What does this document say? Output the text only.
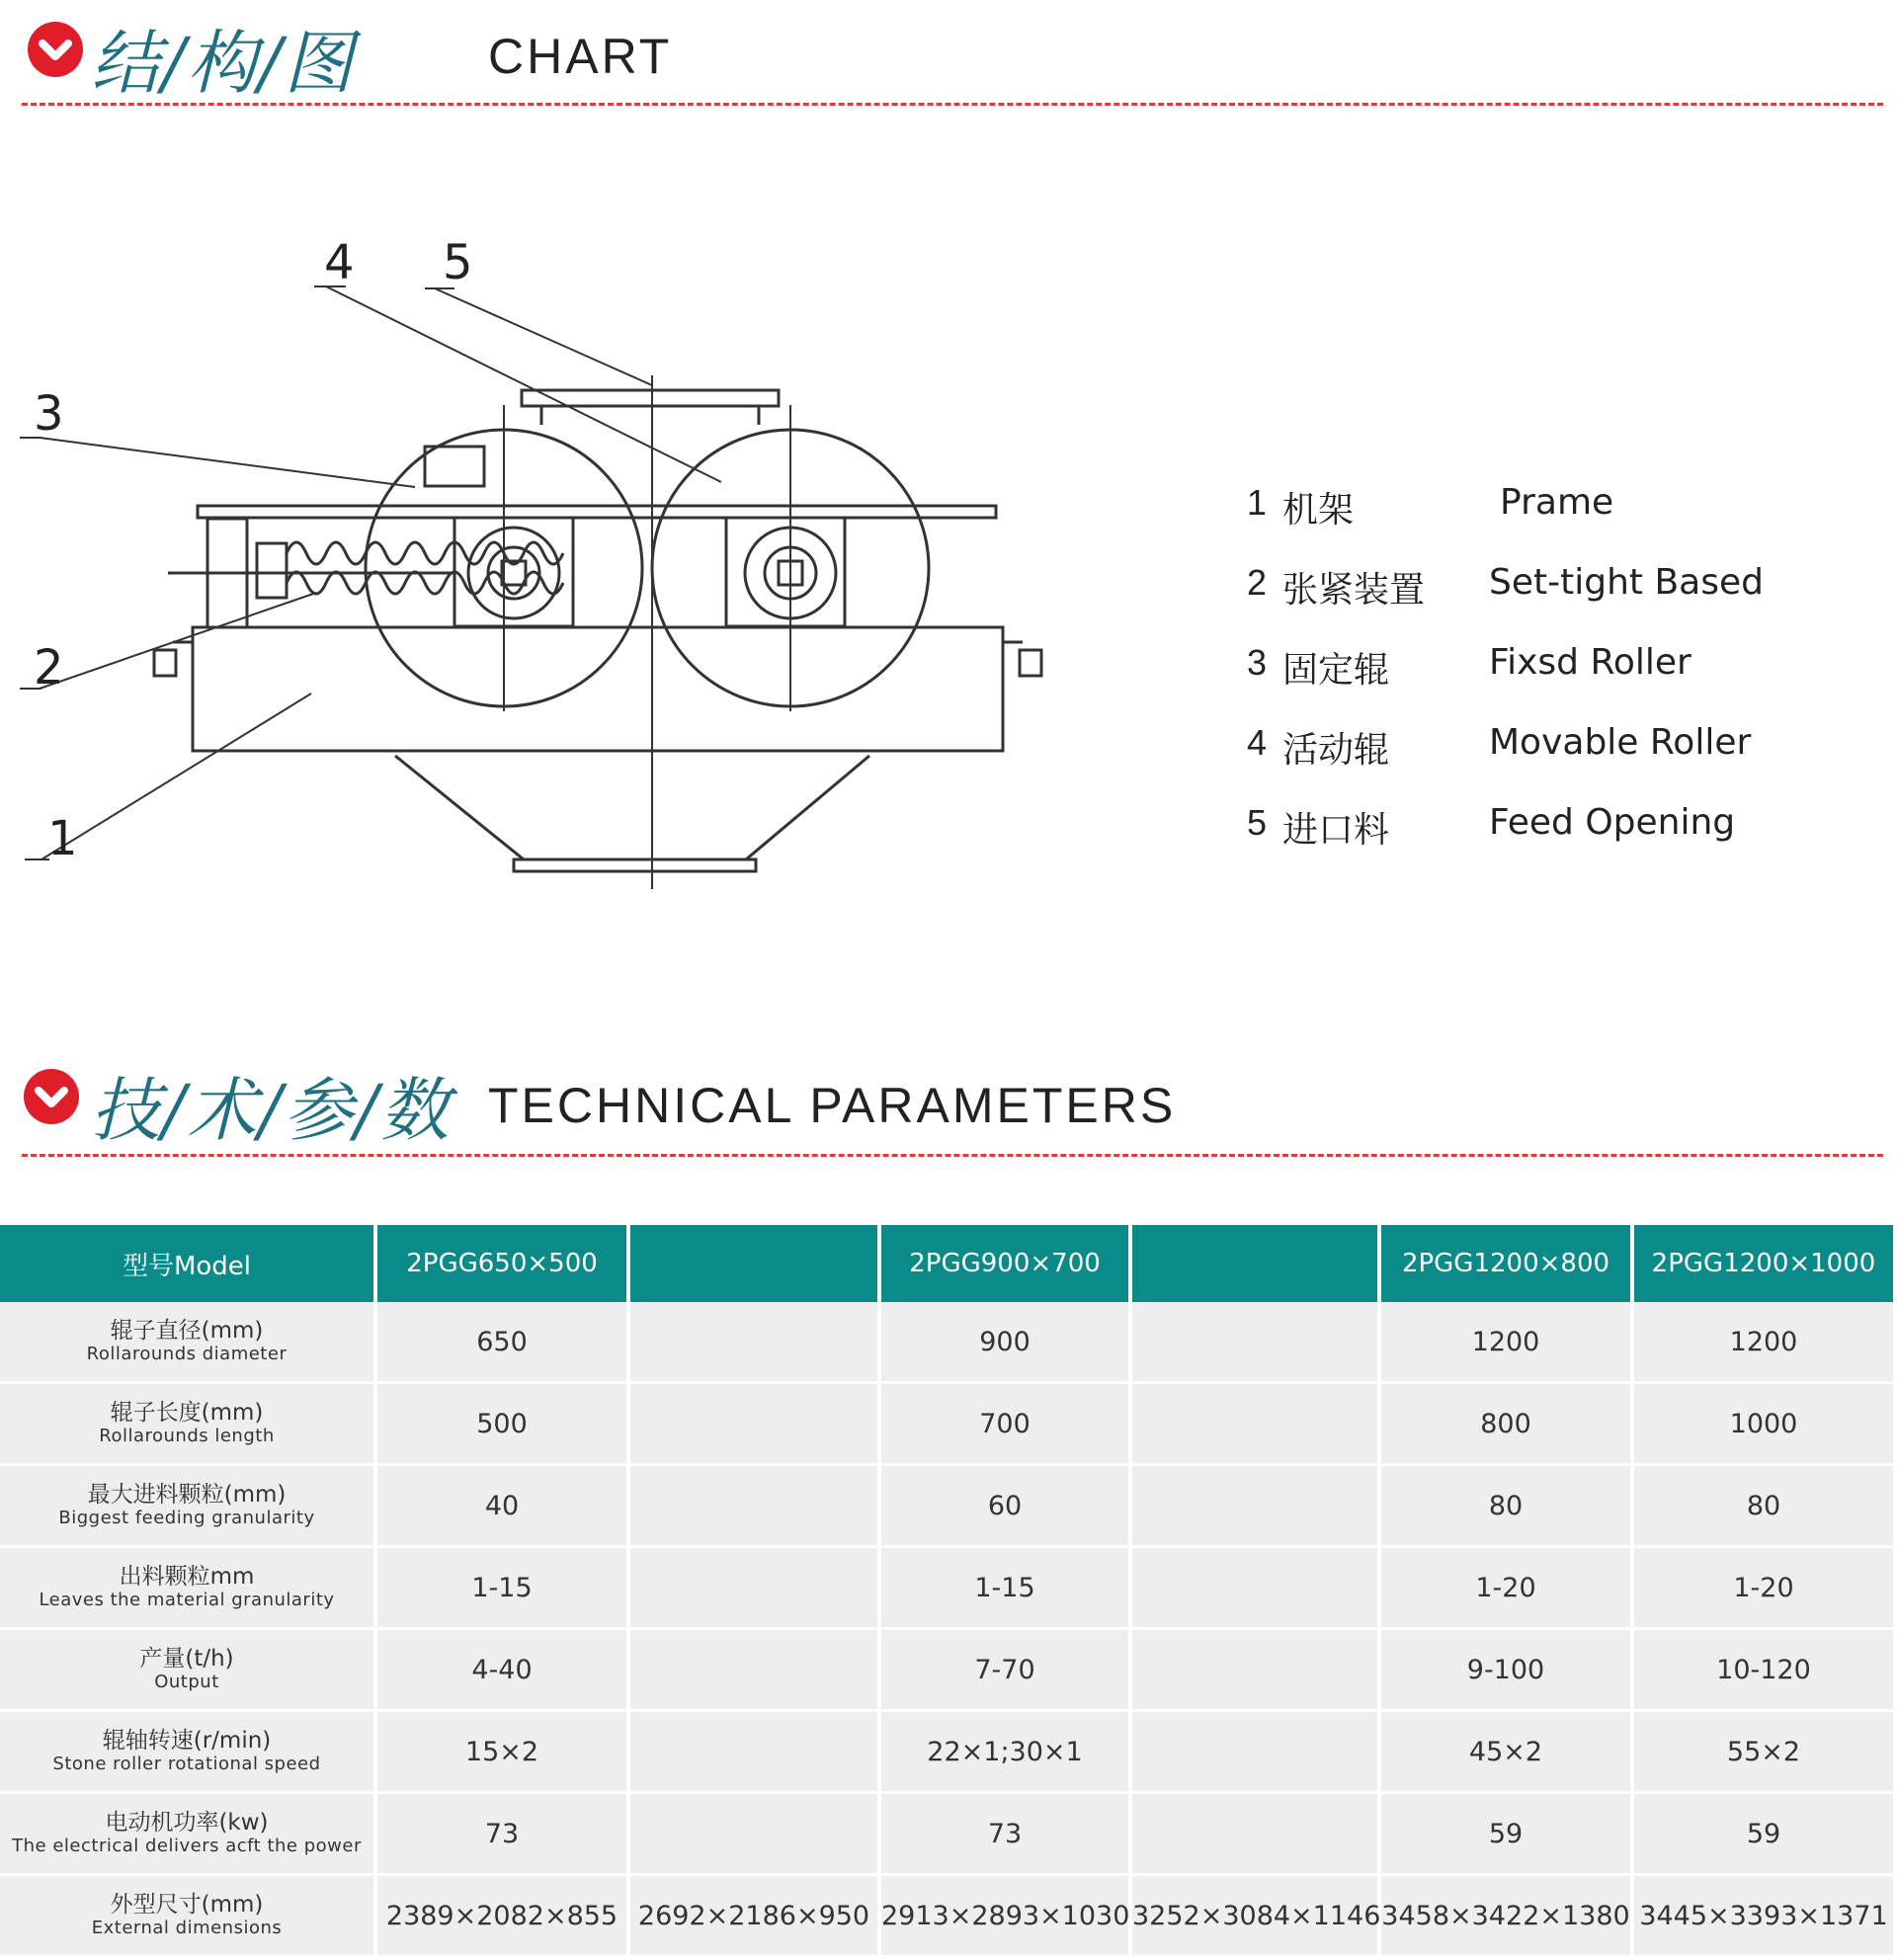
结/构/图	CHART
1
2
3
4 5
1 机架	Prame
2 张紧装置 Set-tight Based
3 固定辊	Fixsd Roller
4 活动辊	Movable Roller
5 进口料	Feed Opening
技/术/参/数 TECHNICAL PARAMETERS
型号Model	2PGG650×500		2PGG900×700		2PGG1200×800	2PGG1200×1000

辊子直径(mm)
Rollarounds diameter	650		900		1200	1200

辊子长度(mm)
Rollarounds length	500		700		800	1000

最大进料颗粒(mm)
Biggest feeding granularity	40		60		80	80

出料颗粒mm
Leaves the material granularity	1-15		1-15		1-20	1-20

产量(t/h)
Output	4-40		7-70		9-100	10-120

辊轴转速(r/min)
Stone roller rotational speed	15×2		22×1;30×1		45×2	55×2

电动机功率(kw)
The electrical delivers acft the power	73		73		59	59

外型尺寸(mm)
External dimensions	2389×2082×855	2692×2186×950	2913×2893×1030	3252×3084×1146	3458×3422×1380	3445×3393×1371
